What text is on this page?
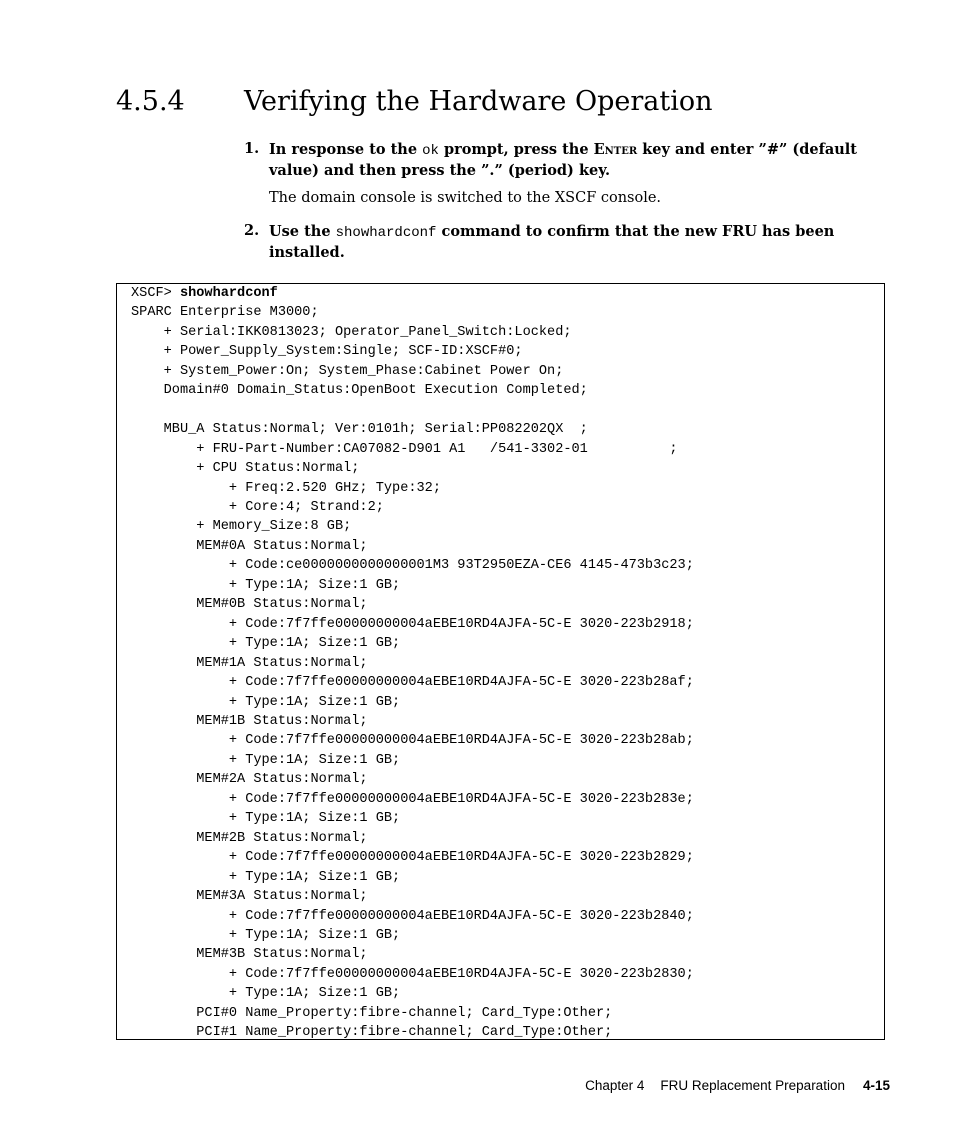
4.5.4 Verifying the Hardware Operation
1. In response to the ok prompt, press the Enter key and enter ”#” (default value) and then press the ”.” (period) key.
The domain console is switched to the XSCF console.
2. Use the showhardconf command to confirm that the new FRU has been installed.
XSCF> showhardconf
SPARC Enterprise M3000;
+ Serial:IKK0813023; Operator_Panel_Switch:Locked;
+ Power_Supply_System:Single; SCF-ID:XSCF#0;
+ System_Power:On; System_Phase:Cabinet Power On;
Domain#0 Domain_Status:OpenBoot Execution Completed;

MBU_A Status:Normal; Ver:0101h; Serial:PP082202QX  ;
+ FRU-Part-Number:CA07082-D901 A1   /541-3302-01          ;
+ CPU Status:Normal;
+ Freq:2.520 GHz; Type:32;
+ Core:4; Strand:2;
+ Memory_Size:8 GB;
MEM#0A Status:Normal;
+ Code:ce0000000000000001M3 93T2950EZA-CE6 4145-473b3c23;
+ Type:1A; Size:1 GB;
MEM#0B Status:Normal;
+ Code:7f7ffe00000000004aEBE10RD4AJFA-5C-E 3020-223b2918;
+ Type:1A; Size:1 GB;
MEM#1A Status:Normal;
+ Code:7f7ffe00000000004aEBE10RD4AJFA-5C-E 3020-223b28af;
+ Type:1A; Size:1 GB;
MEM#1B Status:Normal;
+ Code:7f7ffe00000000004aEBE10RD4AJFA-5C-E 3020-223b28ab;
+ Type:1A; Size:1 GB;
MEM#2A Status:Normal;
+ Code:7f7ffe00000000004aEBE10RD4AJFA-5C-E 3020-223b283e;
+ Type:1A; Size:1 GB;
MEM#2B Status:Normal;
+ Code:7f7ffe00000000004aEBE10RD4AJFA-5C-E 3020-223b2829;
+ Type:1A; Size:1 GB;
MEM#3A Status:Normal;
+ Code:7f7ffe00000000004aEBE10RD4AJFA-5C-E 3020-223b2840;
+ Type:1A; Size:1 GB;
MEM#3B Status:Normal;
+ Code:7f7ffe00000000004aEBE10RD4AJFA-5C-E 3020-223b2830;
+ Type:1A; Size:1 GB;
PCI#0 Name_Property:fibre-channel; Card_Type:Other;
PCI#1 Name_Property:fibre-channel; Card_Type:Other;
Chapter 4 FRU Replacement Preparation 4-15
